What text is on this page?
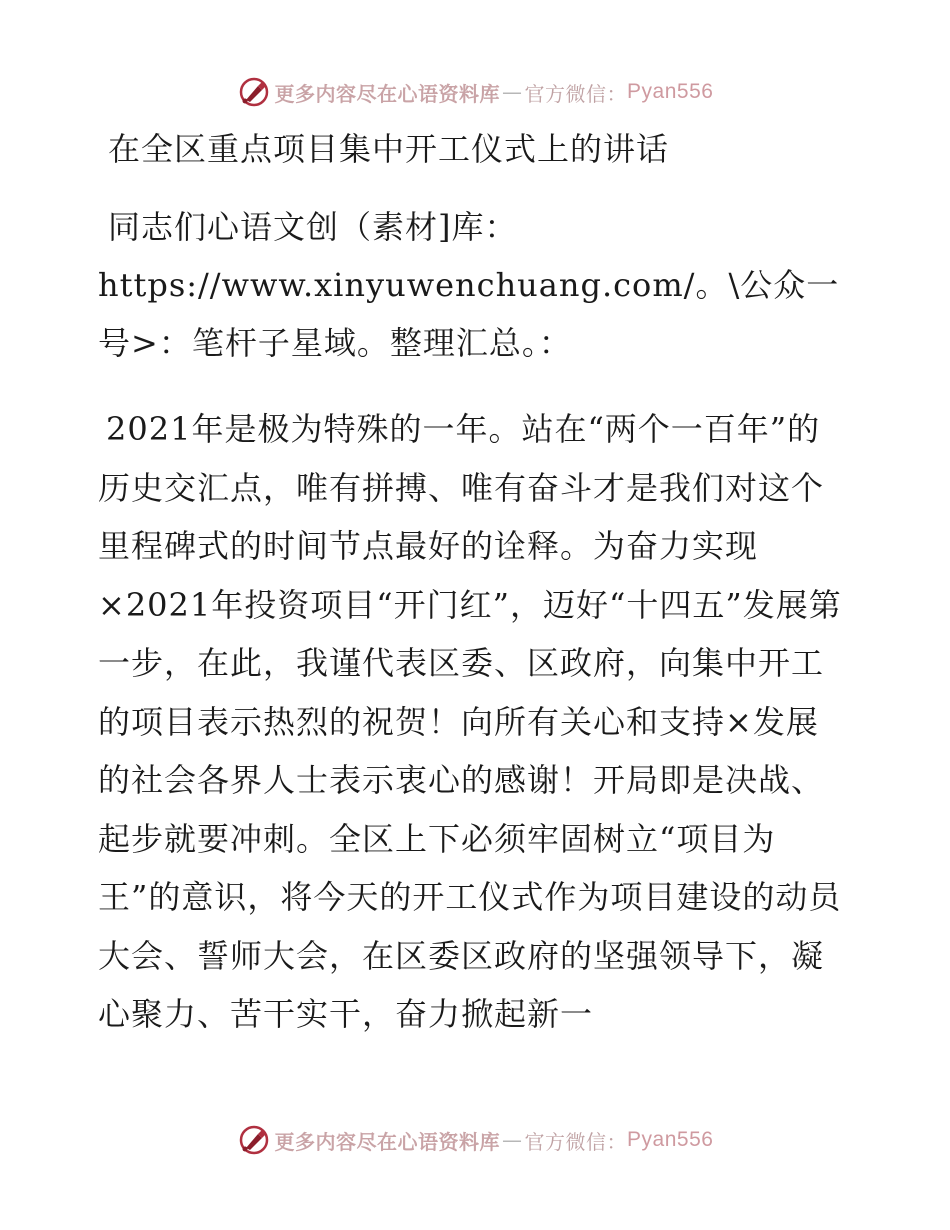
更多内容尽在心语资料库 — 官方微信： Pyan556
在全区重点项目集中开工仪式上的讲话

同志们心语文创（素材]库：https://www.xinyuwenchuang.com/。\公众一号>：笔杆子星域。整理汇总。：

2021年是极为特殊的一年。站在“两个一百年”的历史交汇点，唯有拼搏、唯有奋斗才是我们对这个里程碑式的时间节点最好的诠释。为奋力实现×2021年投资项目“开门红”，迈好“十四五”发展第一步，在此，我谨代表区委、区政府，向集中开工的项目表示热烈的祝贺！向所有关心和支持×发展的社会各界人士表示衷心的感谢！开局即是决战、起步就要冲刺。全区上下必须牢固树立“项目为王”的意识，将今天的开工仪式作为项目建设的动员大会、誓师大会，在区委区政府的坚强领导下，凝心聚力、苦干实干，奋力掀起新一

更多内容尽在心语资料库 — 官方微信： Pyan556
